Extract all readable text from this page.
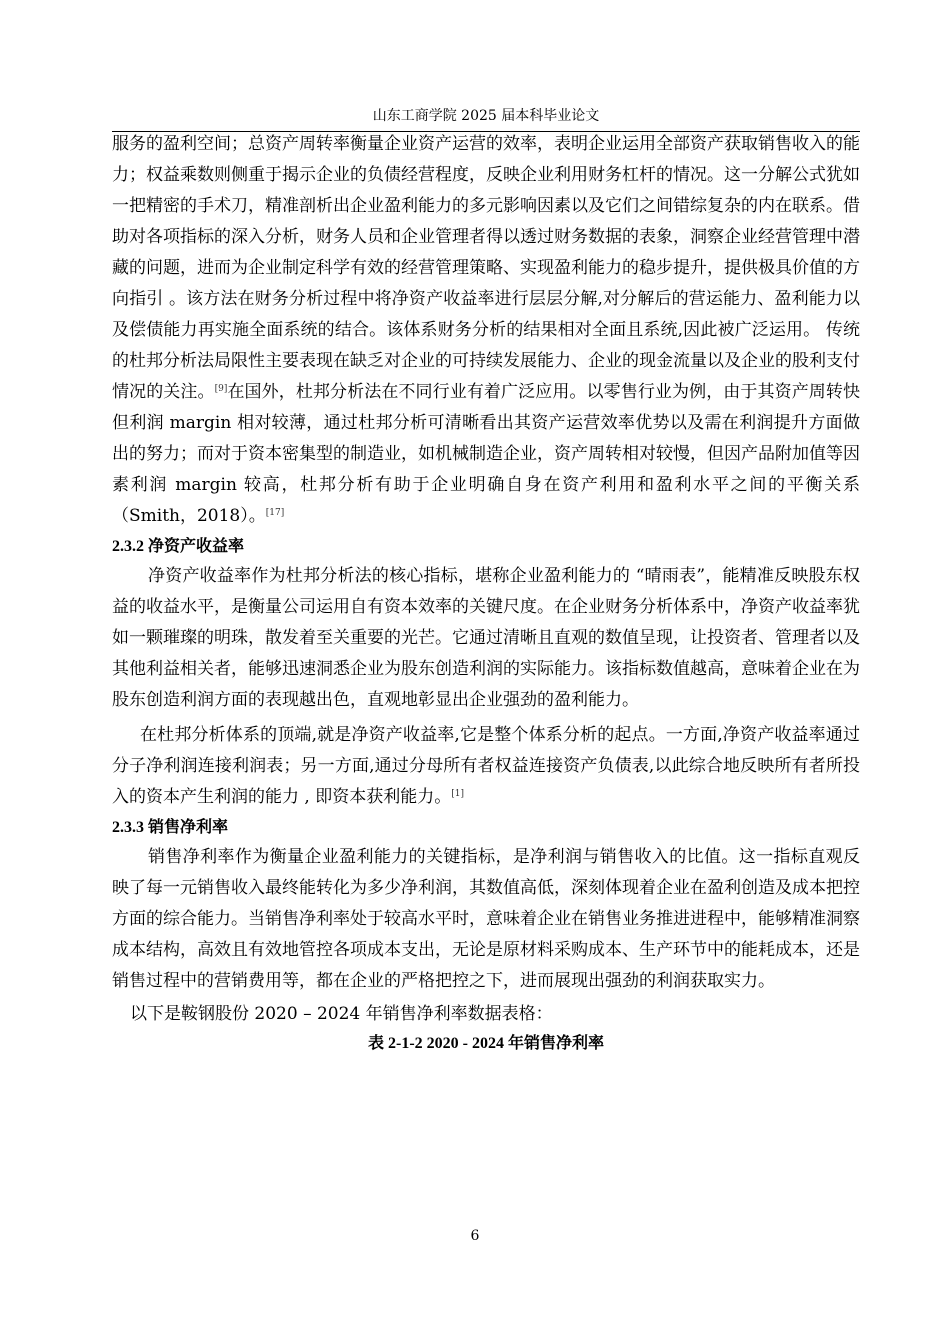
山东工商学院 2025 届本科毕业论文

服务的盈利空间；总资产周转率衡量企业资产运营的效率，表明企业运用全部资产获取销售收入的能力；权益乘数则侧重于揭示企业的负债经营程度，反映企业利用财务杠杆的情况。这一分解公式犹如一把精密的手术刀，精准剖析出企业盈利能力的多元影响因素以及它们之间错综复杂的内在联系。借助对各项指标的深入分析，财务人员和企业管理者得以透过财务数据的表象，洞察企业经营管理中潜藏的问题，进而为企业制定科学有效的经营管理策略、实现盈利能力的稳步提升，提供极具价值的方向指引 。该方法在财务分析过程中将净资产收益率进行层层分解,对分解后的营运能力、盈利能力以及偿债能力再实施全面系统的结合。该体系财务分析的结果相对全面且系统,因此被广泛运用。 传统的杜邦分析法局限性主要表现在缺乏对企业的可持续发展能力、企业的现金流量以及企业的股利支付情况的关注。[9]在国外，杜邦分析法在不同行业有着广泛应用。以零售行业为例，由于其资产周转快但利润 margin 相对较薄，通过杜邦分析可清晰看出其资产运营效率优势以及需在利润提升方面做出的努力；而对于资本密集型的制造业，如机械制造企业，资产周转相对较慢，但因产品附加值等因素利润 margin 较高，杜邦分析有助于企业明确自身在资产利用和盈利水平之间的平衡关系（Smith，2018）。[17]

2.3.2 净资产收益率

净资产收益率作为杜邦分析法的核心指标，堪称企业盈利能力的 “晴雨表”，能精准反映股东权益的收益水平，是衡量公司运用自有资本效率的关键尺度。在企业财务分析体系中，净资产收益率犹如一颗璀璨的明珠，散发着至关重要的光芒。它通过清晰且直观的数值呈现，让投资者、管理者以及其他利益相关者，能够迅速洞悉企业为股东创造利润的实际能力。该指标数值越高，意味着企业在为股东创造利润方面的表现越出色，直观地彰显出企业强劲的盈利能力。

在杜邦分析体系的顶端,就是净资产收益率,它是整个体系分析的起点。一方面,净资产收益率通过分子净利润连接利润表；另一方面,通过分母所有者权益连接资产负债表,以此综合地反映所有者所投入的资本产生利润的能力 , 即资本获利能力。[1]

2.3.3 销售净利率

销售净利率作为衡量企业盈利能力的关键指标，是净利润与销售收入的比值。这一指标直观反映了每一元销售收入最终能转化为多少净利润，其数值高低，深刻体现着企业在盈利创造及成本把控方面的综合能力。当销售净利率处于较高水平时，意味着企业在销售业务推进进程中，能够精准洞察成本结构，高效且有效地管控各项成本支出，无论是原材料采购成本、生产环节中的能耗成本，还是销售过程中的营销费用等，都在企业的严格把控之下，进而展现出强劲的利润获取实力。

以下是鞍钢股份 2020 – 2024 年销售净利率数据表格：

表 2-1-2 2020 - 2024 年销售净利率
6
